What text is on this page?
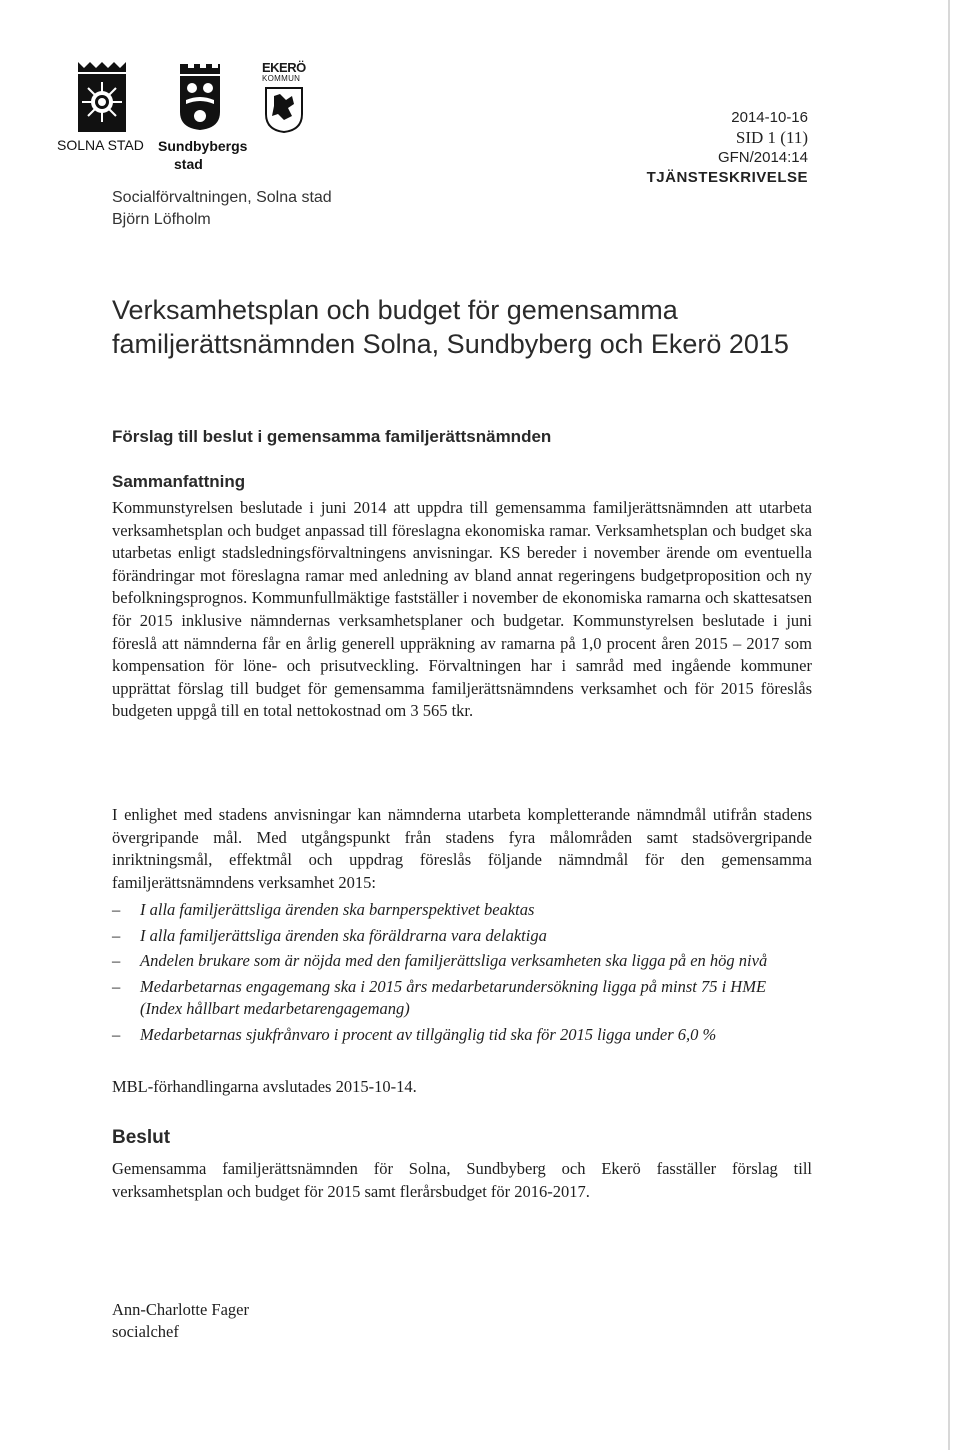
SOLNA STAD Sundbybergs
stad
EKERÖ
KOMMUN
2014-10-16
SID 1 (11)
GFN/2014:14
TJÄNSTESKRIVELSE
Socialförvaltningen, Solna stad
Björn Löfholm
Verksamhetsplan och budget för gemensamma familjerättsnämnden Solna, Sundbyberg och Ekerö 2015
Förslag till beslut i gemensamma familjerättsnämnden
Sammanfattning
Kommunstyrelsen beslutade i juni 2014 att uppdra till gemensamma familjerättsnämnden att utarbeta verksamhetsplan och budget anpassad till föreslagna ekonomiska ramar. Verksamhetsplan och budget ska utarbetas enligt stadsledningsförvaltningens anvisningar. KS bereder i november ärende om eventuella förändringar mot föreslagna ramar med anledning av bland annat regeringens budgetproposition och ny befolkningsprognos. Kommunfullmäktige fastställer i november de ekonomiska ramarna och skattesatsen för 2015 inklusive nämndernas verksamhetsplaner och budgetar. Kommunstyrelsen beslutade i juni föreslå att nämnderna får en årlig generell uppräkning av ramarna på 1,0 procent åren 2015 – 2017 som kompensation för löne- och prisutveckling. Förvaltningen har i samråd med ingående kommuner upprättat förslag till budget för gemensamma familjerättsnämndens verksamhet och för 2015 föreslås budgeten uppgå till en total nettokostnad om 3 565 tkr.
I enlighet med stadens anvisningar kan nämnderna utarbeta kompletterande nämndmål utifrån stadens övergripande mål. Med utgångspunkt från stadens fyra målområden samt stadsövergripande inriktningsmål, effektmål och uppdrag föreslås följande nämndmål för den gemensamma familjerättsnämndens verksamhet 2015:
– I alla familjerättsliga ärenden ska barnperspektivet beaktas
– I alla familjerättsliga ärenden ska föräldrarna vara delaktiga
– Andelen brukare som är nöjda med den familjerättsliga verksamheten ska ligga på en hög nivå
– Medarbetarnas engagemang ska i 2015 års medarbetarundersökning ligga på minst 75 i HME (Index hållbart medarbetarengagemang)
– Medarbetarnas sjukfrånvaro i procent av tillgänglig tid ska för 2015 ligga under 6,0 %
MBL-förhandlingarna avslutades 2015-10-14.
Beslut
Gemensamma familjerättsnämnden för Solna, Sundbyberg och Ekerö fasställer förslag till verksamhetsplan och budget för 2015 samt flerårsbudget för 2016-2017.
Ann-Charlotte Fager
socialchef
